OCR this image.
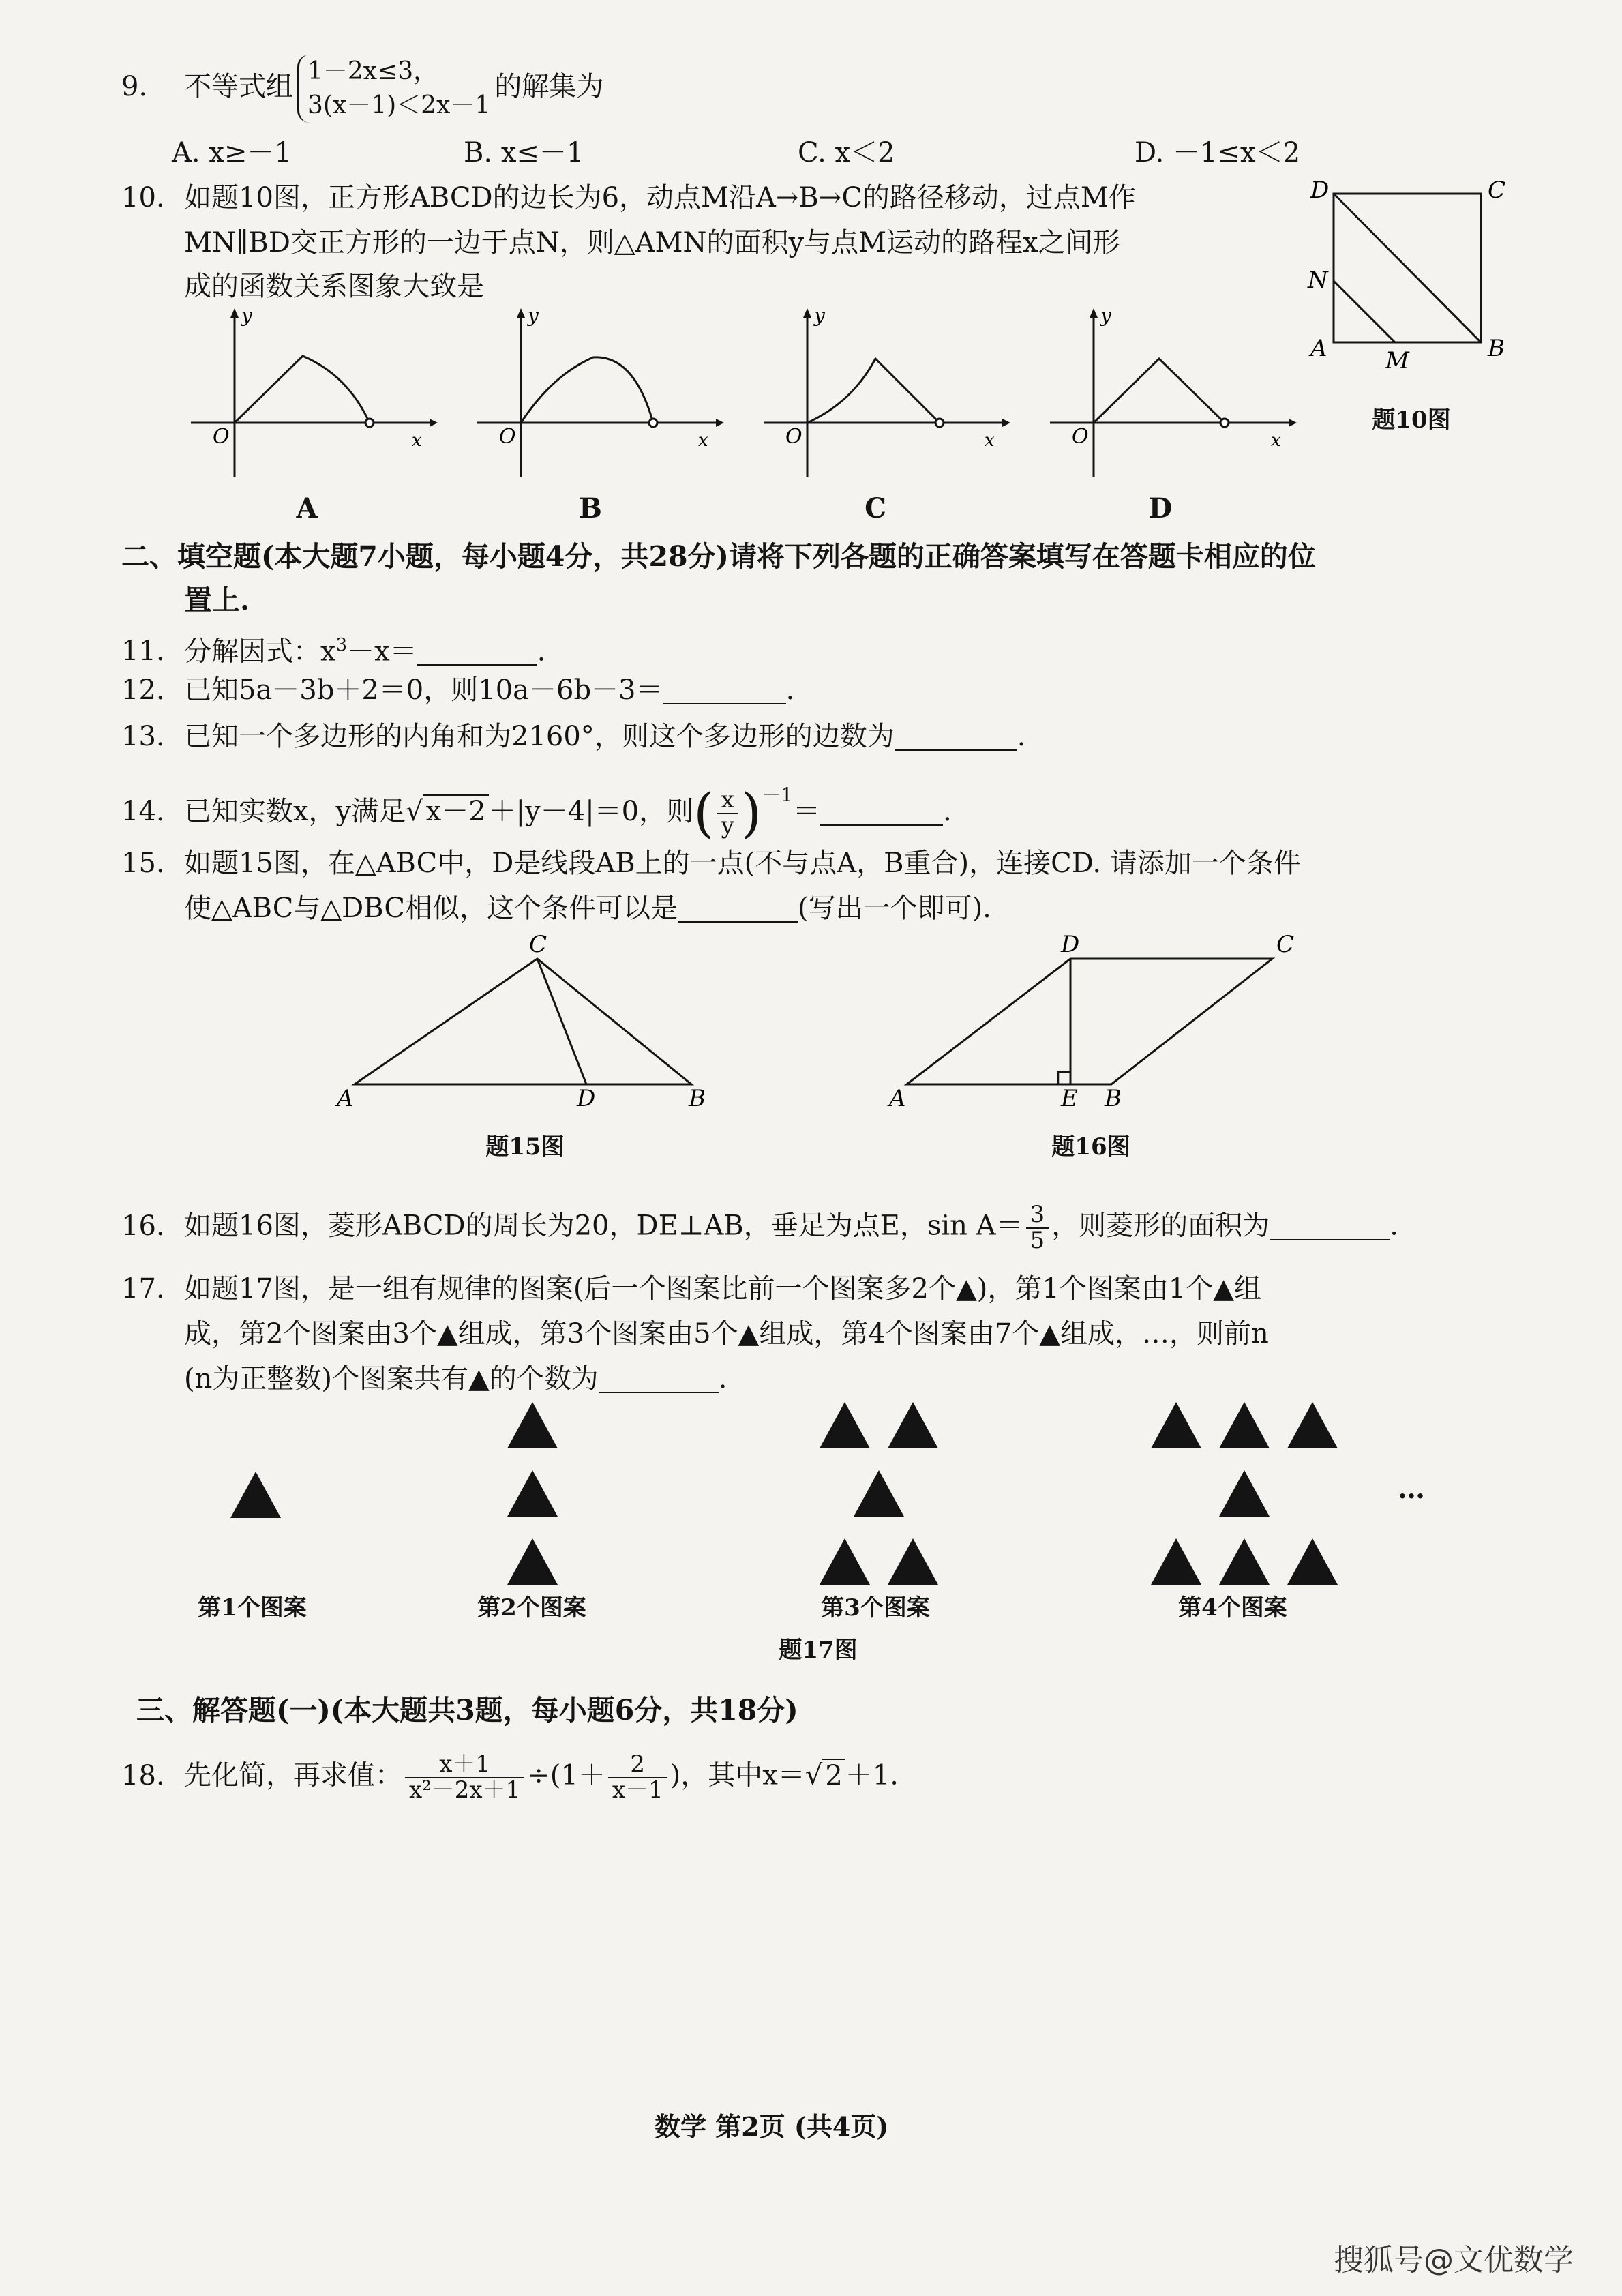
9. 不等式组 1－2x≤3，
3(x－1)＜2x－1的解集为
A. x≥－1	B. x≤－1	C. x＜2	D. －1≤x＜2
10. 如题10图，正方形ABCD的边长为6，动点M沿A→B→C的路径移动，过点M作
MN∥BD交正方形的一边于点N，则△AMN的面积y与点M运动的路程x之间形
成的函数关系图象大致是
y
x
O
y
x
O
y
x
O
y
x
O
A	B	C	D
D	C
N
A	M	B
题10图
二、填空题(本大题7小题，每小题4分，共28分)请将下列各题的正确答案填写在答题卡相应的位
置上.
11. 分解因式：$x^3-x=$	.
12. 已知5a－3b＋2＝0，则10a－6b－3＝	.
13. 已知一个多边形的内角和为2160°，则这个多边形的边数为	.
14. 已知实数x，y满足√ x－2 ＋|y－4|＝0，则( $\frac{x}{y} )^{-1}=$	.
15. 如题15图，在△ABC中，D是线段AB上的一点(不与点A，B重合)，连接CD. 请添加一个条件
使△ABC与△DBC相似，这个条件可以是	(写出一个即可).
C
A	D	B
题15图
D	C
A	E B
题16图
16. 如题16图，菱形ABCD的周长为20，DE⊥AB，垂足为点E，$\sin A= \frac{3}{5}$ ，则菱形的面积为	.
17. 如题17图，是一组有规律的图案(后一个图案比前一个图案多2个▲)，第1个图案由1个▲组
成，第2个图案由3个▲组成，第3个图案由5个▲组成，第4个图案由7个▲组成，…，则前n
(n为正整数)个图案共有▲的个数为	.
…
第1个图案	第2个图案	第3个图案	第4个图案
题17图
三、解答题(一)(本大题共3题，每小题6分，共18分)
18. 先化简，再求值： $\frac{x+1}{\text{x²－2x＋1}} \div(1+ \frac{2}{x-1}$ )，其中x＝√ 2 ＋1.
数学 第2页 (共4页)
搜狐号@文优数学
